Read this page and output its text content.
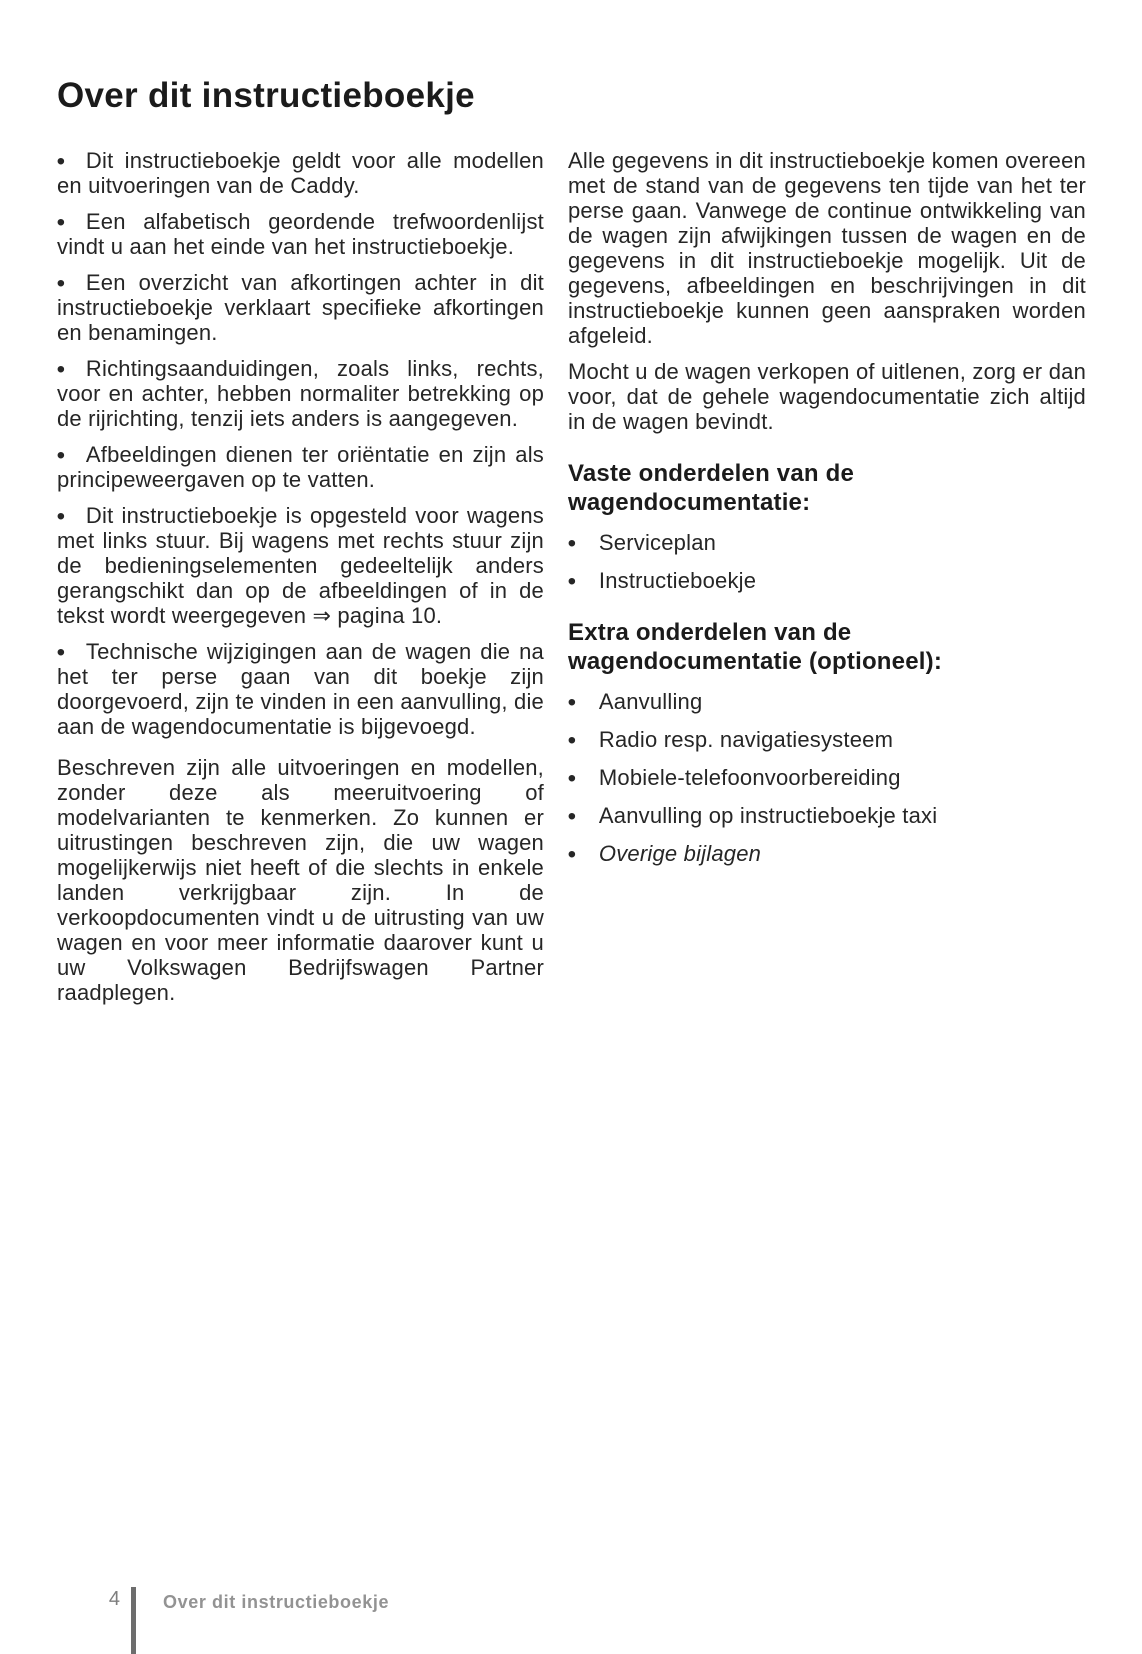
Over dit instructieboekje

• Dit instructieboekje geldt voor alle modellen en uitvoeringen van de Caddy.

• Een alfabetisch geordende trefwoordenlijst vindt u aan het einde van het instructieboekje.

• Een overzicht van afkortingen achter in dit instructieboekje verklaart specifieke afkortingen en benamingen.

• Richtingsaanduidingen, zoals links, rechts, voor en achter, hebben normaliter betrekking op de rijrichting, tenzij iets anders is aangegeven.

• Afbeeldingen dienen ter oriëntatie en zijn als principeweergaven op te vatten.

• Dit instructieboekje is opgesteld voor wagens met links stuur. Bij wagens met rechts stuur zijn de bedieningselementen gedeeltelijk anders gerangschikt dan op de afbeeldingen of in de tekst wordt weergegeven ⇒ pagina 10.

• Technische wijzigingen aan de wagen die na het ter perse gaan van dit boekje zijn doorgevoerd, zijn te vinden in een aanvulling, die aan de wagendocumentatie is bijgevoegd.

Beschreven zijn alle uitvoeringen en modellen, zonder deze als meeruitvoering of modelvarianten te kenmerken. Zo kunnen er uitrustingen beschreven zijn, die uw wagen mogelijkerwijs niet heeft of die slechts in enkele landen verkrijgbaar zijn. In de verkoopdocumenten vindt u de uitrusting van uw wagen en voor meer informatie daarover kunt u uw Volkswagen Bedrijfswagen Partner raadplegen.

Alle gegevens in dit instructieboekje komen overeen met de stand van de gegevens ten tijde van het ter perse gaan. Vanwege de continue ontwikkeling van de wagen zijn afwijkingen tussen de wagen en de gegevens in dit instructieboekje mogelijk. Uit de gegevens, afbeeldingen en beschrijvingen in dit instructieboekje kunnen geen aanspraken worden afgeleid.

Mocht u de wagen verkopen of uitlenen, zorg er dan voor, dat de gehele wagendocumentatie zich altijd in de wagen bevindt.

Vaste onderdelen van de wagendocumentatie:

• Serviceplan

• Instructieboekje

Extra onderdelen van de wagendocumentatie (optioneel):

• Aanvulling

• Radio resp. navigatiesysteem

• Mobiele-telefoonvoorbereiding

• Aanvulling op instructieboekje taxi

• Overige bijlagen

4 Over dit instructieboekje
